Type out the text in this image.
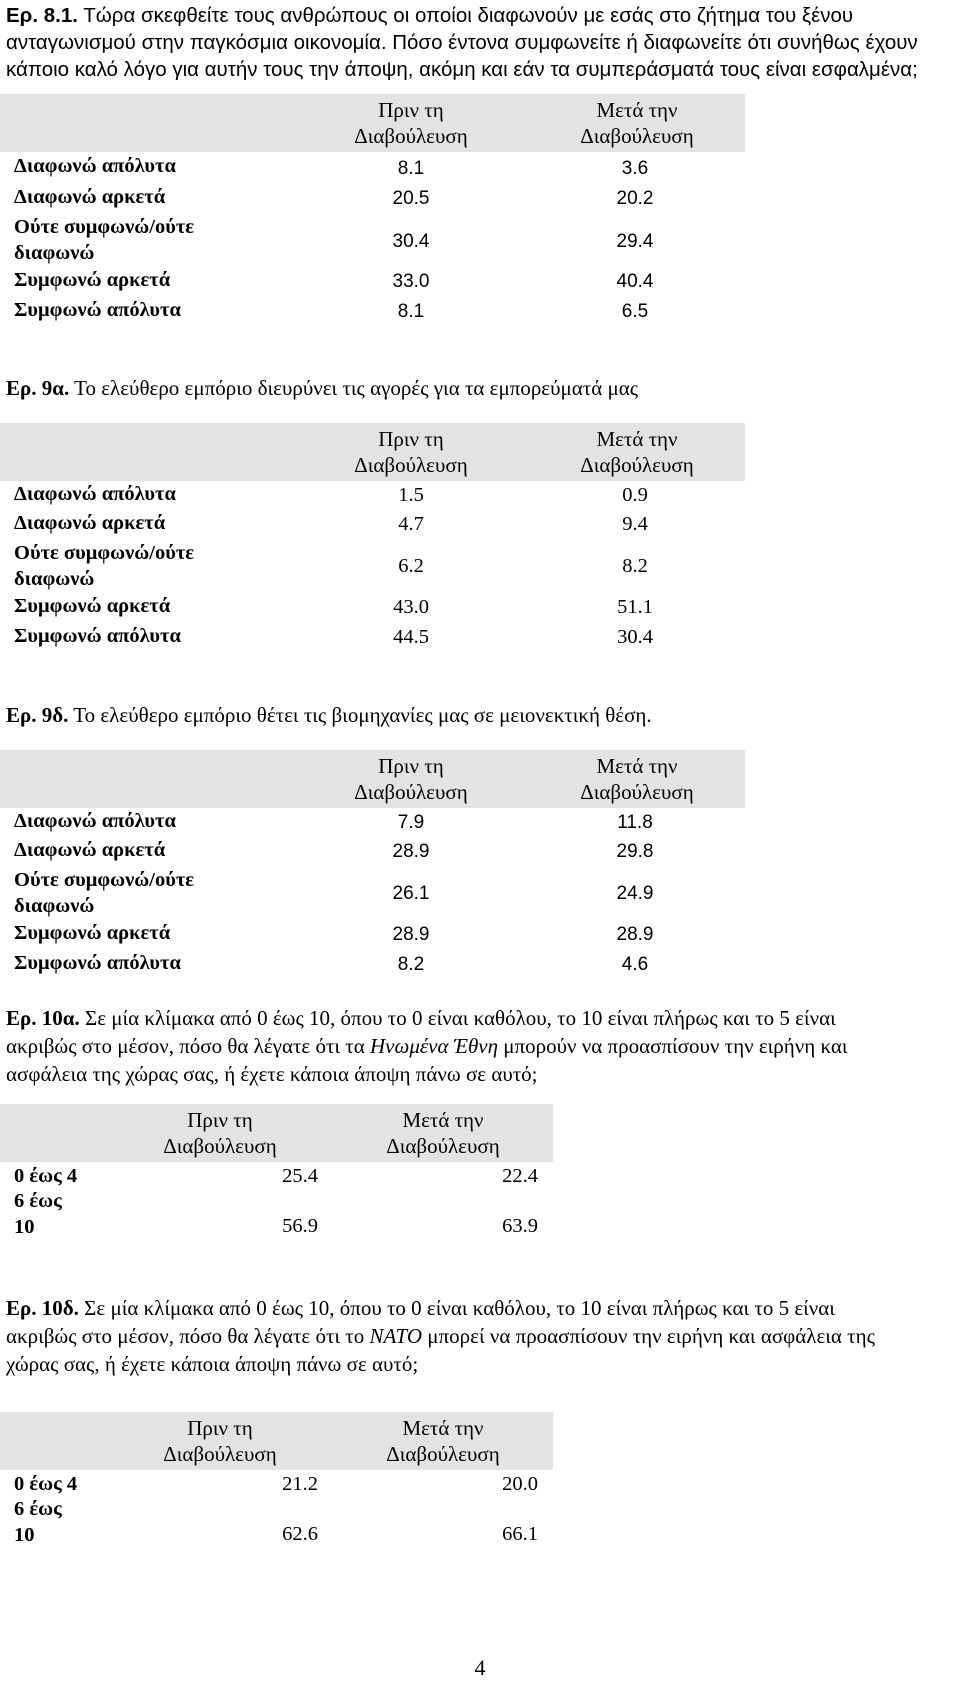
Ερ. 8.1. Τώρα σκεφθείτε τους ανθρώπους οι οποίοι διαφωνούν με εσάς στο ζήτημα του ξένου
ανταγωνισμού στην παγκόσμια οικονομία. Πόσο έντονα συμφωνείτε ή διαφωνείτε ότι συνήθως έχουν
κάποιο καλό λόγο για αυτήν τους την άποψη, ακόμη και εάν τα συμπεράσματά τους είναι εσφαλμένα;
Πριν τη
Διαβούλευση
Μετά την
Διαβούλευση
Διαφωνώ απόλυτα
Διαφωνώ αρκετά
Ούτε συμφωνώ/ούτε διαφωνώ
Συμφωνώ αρκετά
Συμφωνώ απόλυτα
8.1
20.5
30.4
33.0
8.1
3.6
20.2
29.4
40.4
6.5
Ερ. 9α. Το ελεύθερο εμπόριο διευρύνει τις αγορές για τα εμπορεύματά μας
Πριν τη
Διαβούλευση
Μετά την
Διαβούλευση
Διαφωνώ απόλυτα
Διαφωνώ αρκετά
Ούτε συμφωνώ/ούτε διαφωνώ
Συμφωνώ αρκετά
Συμφωνώ απόλυτα
1.5
4.7
6.2
43.0
44.5
0.9
9.4
8.2
51.1
30.4
Ερ. 9δ. Το ελεύθερο εμπόριο θέτει τις βιομηχανίες μας σε μειονεκτική θέση.
Πριν τη
Διαβούλευση
Μετά την
Διαβούλευση
Διαφωνώ απόλυτα
Διαφωνώ αρκετά
Ούτε συμφωνώ/ούτε διαφωνώ
Συμφωνώ αρκετά
Συμφωνώ απόλυτα
7.9
28.9
26.1
28.9
8.2
11.8
29.8
24.9
28.9
4.6
Ερ. 10α. Σε μία κλίμακα από 0 έως 10, όπου το 0 είναι καθόλου, το 10 είναι πλήρως και το 5 είναι
ακριβώς στο μέσον, πόσο θα λέγατε ότι τα Ηνωμένα Έθνη μπορούν να προασπίσουν την ειρήνη και
ασφάλεια της χώρας σας, ή έχετε κάποια άποψη πάνω σε αυτό;
Πριν τη
Διαβούλευση
Μετά την
Διαβούλευση
0 έως 4
6 έως
10
25.4
56.9
22.4
63.9
Ερ. 10δ. Σε μία κλίμακα από 0 έως 10, όπου το 0 είναι καθόλου, το 10 είναι πλήρως και το 5 είναι
ακριβώς στο μέσον, πόσο θα λέγατε ότι το ΝΑΤΟ μπορεί να προασπίσουν την ειρήνη και ασφάλεια της
χώρας σας, ή έχετε κάποια άποψη πάνω σε αυτό;
Πριν τη
Διαβούλευση
Μετά την
Διαβούλευση
0 έως 4
6 έως
10
21.2
62.6
20.0
66.1
4
